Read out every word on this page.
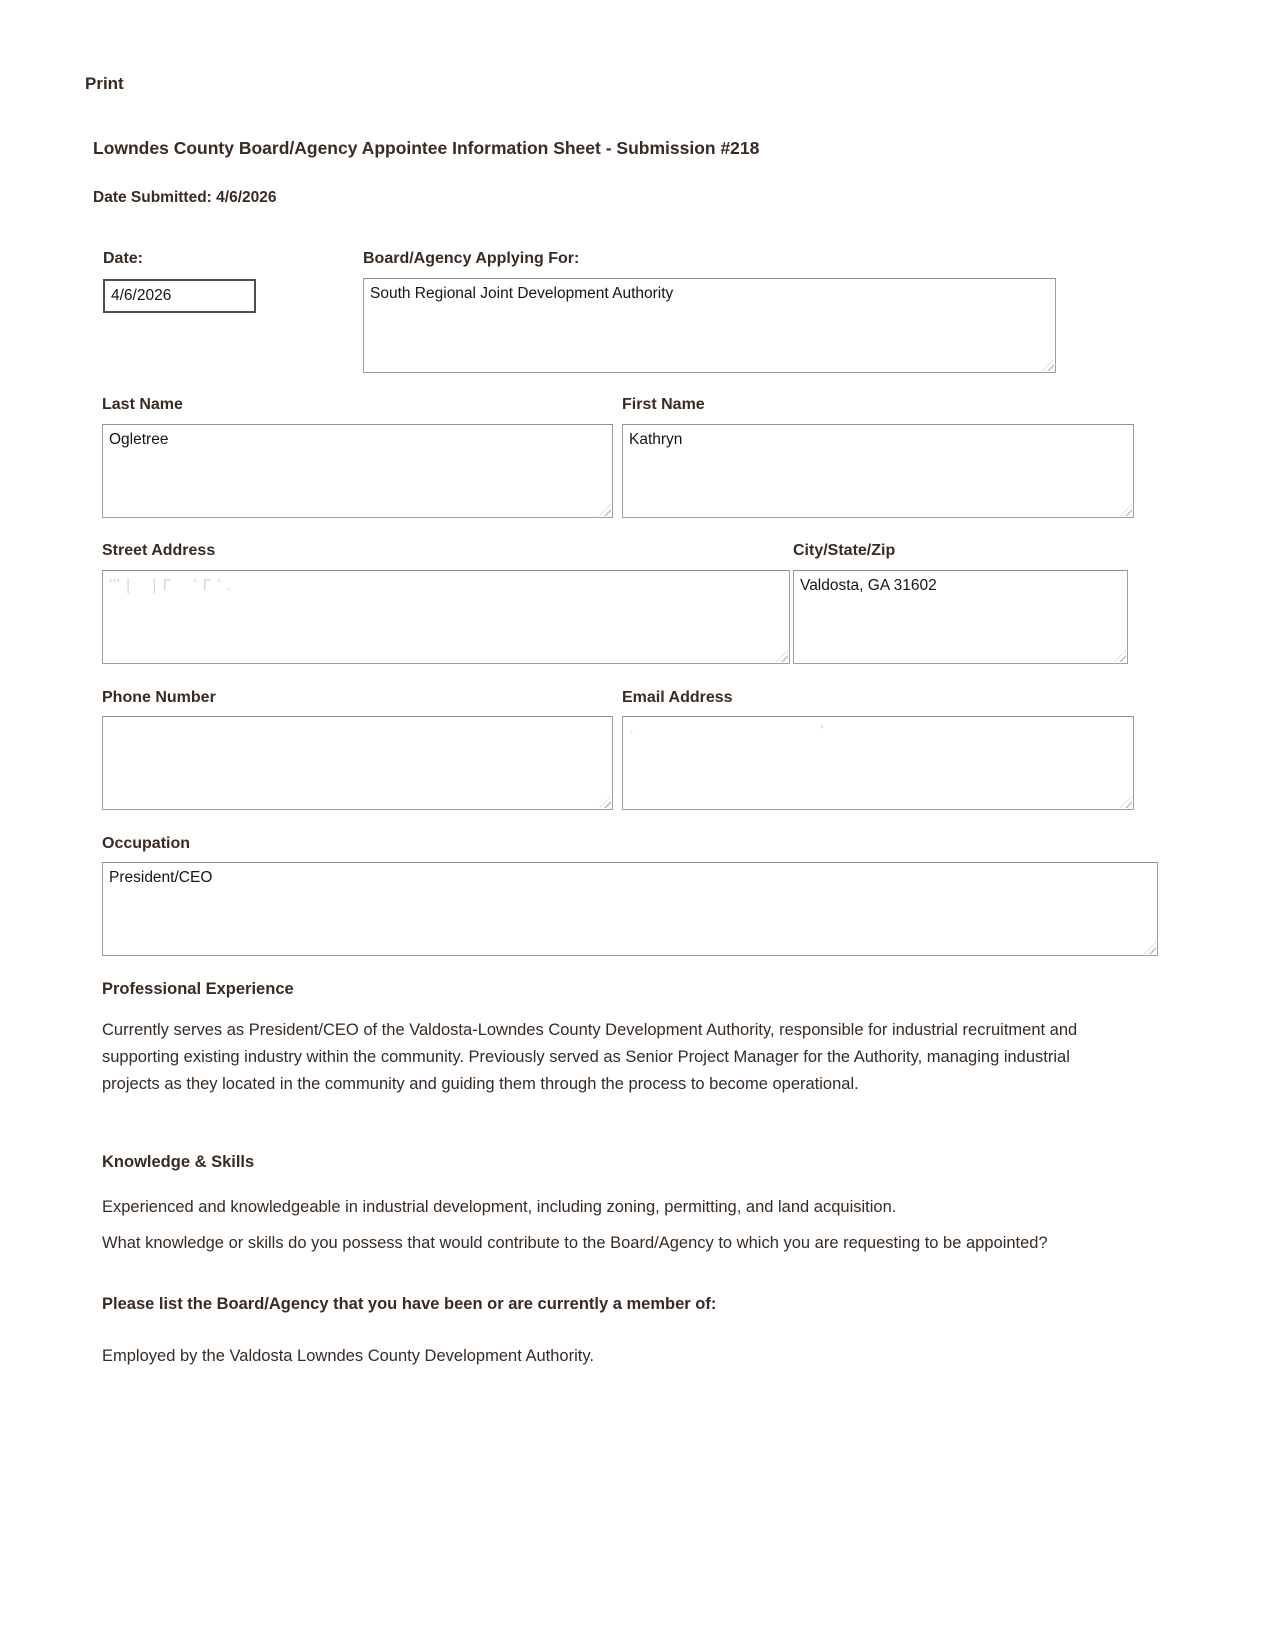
Print
Lowndes County Board/Agency Appointee Information Sheet - Submission #218
Date Submitted: 4/6/2026
Date:
4/6/2026
Board/Agency Applying For:
South Regional Joint Development Authority
Last Name
Ogletree
First Name
Kathryn
Street Address
''' |    | Γ    ' Γ ' .
City/State/Zip
Valdosta, GA 31602
Phone Number	Email Address
·                                   '
Occupation
President/CEO
Professional Experience
Currently serves as President/CEO of the Valdosta-Lowndes County Development Authority, responsible for industrial recruitment and supporting existing industry within the community. Previously served as Senior Project Manager for the Authority, managing industrial projects as they located in the community and guiding them through the process to become operational.
Knowledge & Skills
Experienced and knowledgeable in industrial development, including zoning, permitting, and land acquisition.
What knowledge or skills do you possess that would contribute to the Board/Agency to which you are requesting to be appointed?
Please list the Board/Agency that you have been or are currently a member of:
Employed by the Valdosta Lowndes County Development Authority.
